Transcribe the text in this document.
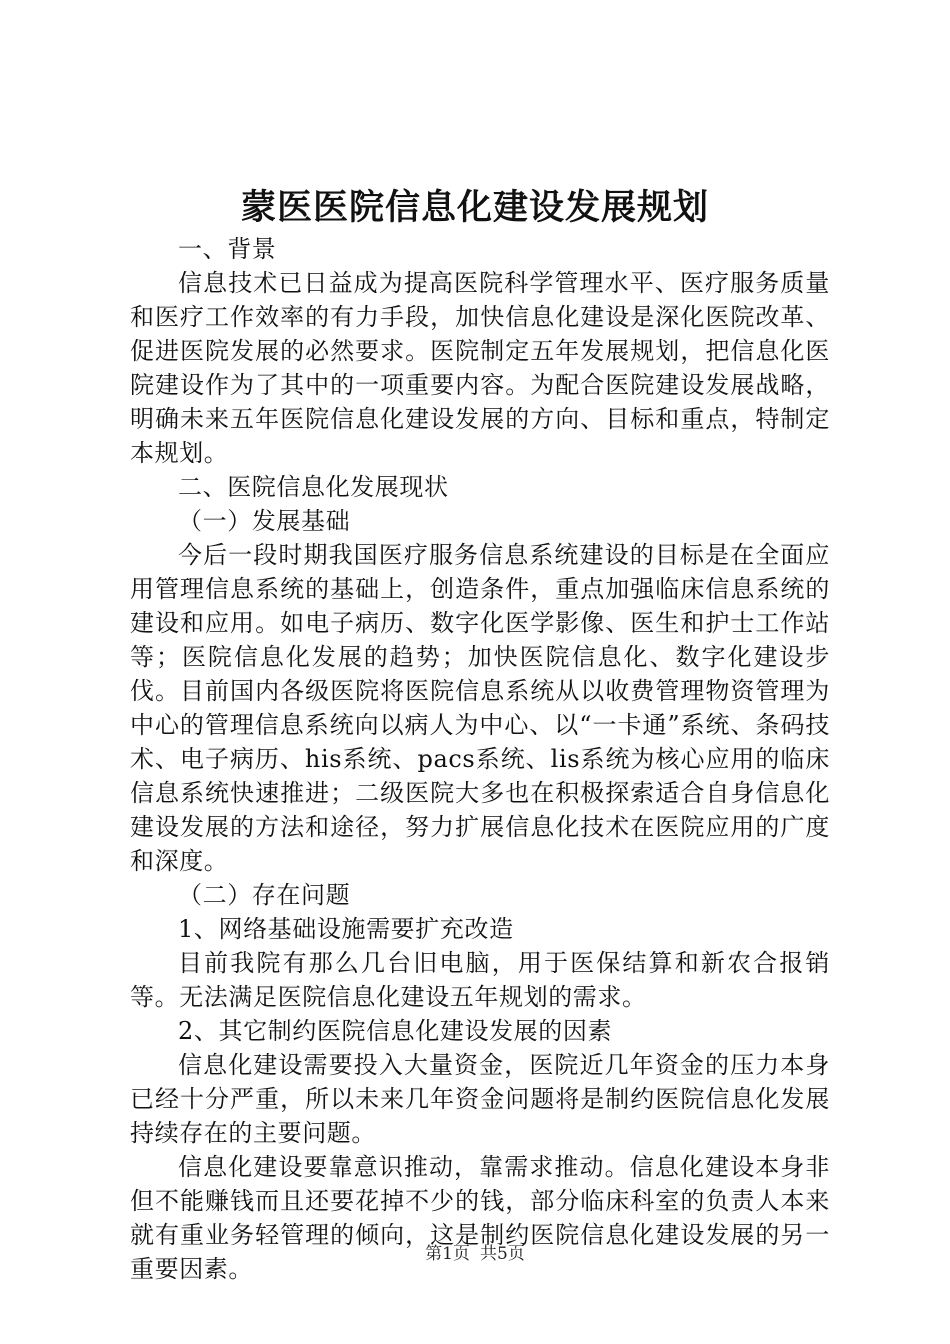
蒙医医院信息化建设发展规划

一、背景

信息技术已日益成为提高医院科学管理水平、医疗服务质量和医疗工作效率的有力手段，加快信息化建设是深化医院改革、促进医院发展的必然要求。医院制定五年发展规划，把信息化医院建设作为了其中的一项重要内容。为配合医院建设发展战略，明确未来五年医院信息化建设发展的方向、目标和重点，特制定本规划。

二、医院信息化发展现状

（一）发展基础

今后一段时期我国医疗服务信息系统建设的目标是在全面应用管理信息系统的基础上，创造条件，重点加强临床信息系统的建设和应用。如电子病历、数字化医学影像、医生和护士工作站等；医院信息化发展的趋势；加快医院信息化、数字化建设步伐。目前国内各级医院将医院信息系统从以收费管理物资管理为中心的管理信息系统向以病人为中心、以“一卡通”系统、条码技术、电子病历、his系统、pacs系统、lis系统为核心应用的临床信息系统快速推进；二级医院大多也在积极探索适合自身信息化建设发展的方法和途径，努力扩展信息化技术在医院应用的广度和深度。

（二）存在问题

1、网络基础设施需要扩充改造

目前我院有那么几台旧电脑，用于医保结算和新农合报销等。无法满足医院信息化建设五年规划的需求。

2、其它制约医院信息化建设发展的因素

信息化建设需要投入大量资金，医院近几年资金的压力本身已经十分严重，所以未来几年资金问题将是制约医院信息化发展持续存在的主要问题。

信息化建设要靠意识推动，靠需求推动。信息化建设本身非但不能赚钱而且还要花掉不少的钱，部分临床科室的负责人本来就有重业务轻管理的倾向，这是制约医院信息化建设发展的另一重要因素。

第1页 共5页
